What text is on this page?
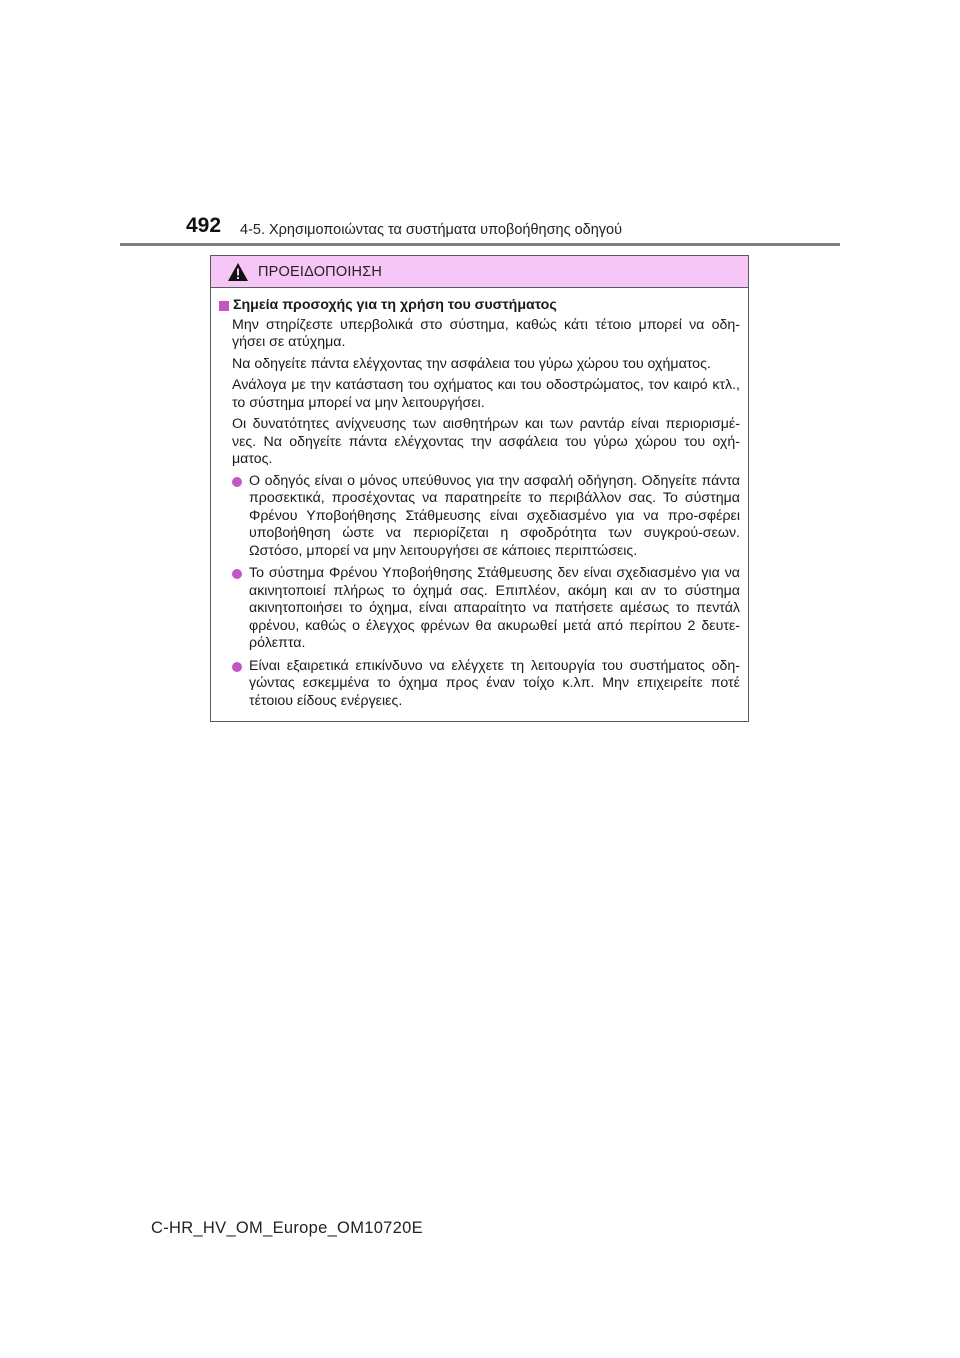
492 4-5. Χρησιμοποιώντας τα συστήματα υποβοήθησης οδηγού
ΠΡΟΕΙΔΟΠΟΙΗΣΗ
Σημεία προσοχής για τη χρήση του συστήματος

Μην στηρίζεστε υπερβολικά στο σύστημα, καθώς κάτι τέτοιο μπορεί να οδη-γήσει σε ατύχημα.

Να οδηγείτε πάντα ελέγχοντας την ασφάλεια του γύρω χώρου του οχήματος.

Ανάλογα με την κατάσταση του οχήματος και του οδοστρώματος, τον καιρό κτλ., το σύστημα μπορεί να μην λειτουργήσει.

Οι δυνατότητες ανίχνευσης των αισθητήρων και των ραντάρ είναι περιορισμέ-νες. Να οδηγείτε πάντα ελέγχοντας την ασφάλεια του γύρω χώρου του οχή-ματος.

Ο οδηγός είναι ο μόνος υπεύθυνος για την ασφαλή οδήγηση. Οδηγείτε πάντα προσεκτικά, προσέχοντας να παρατηρείτε το περιβάλλον σας. Το σύστημα Φρένου Υποβοήθησης Στάθμευσης είναι σχεδιασμένο για να προ-σφέρει υποβοήθηση ώστε να περιορίζεται η σφοδρότητα των συγκρού-σεων. Ωστόσο, μπορεί να μην λειτουργήσει σε κάποιες περιπτώσεις.
Το σύστημα Φρένου Υποβοήθησης Στάθμευσης δεν είναι σχεδιασμένο για να ακινητοποιεί πλήρως το όχημά σας. Επιπλέον, ακόμη και αν το σύστημα ακινητοποιήσει το όχημα, είναι απαραίτητο να πατήσετε αμέσως το πεντάλ φρένου, καθώς ο έλεγχος φρένων θα ακυρωθεί μετά από περίπου 2 δευτε-ρόλεπτα.
Είναι εξαιρετικά επικίνδυνο να ελέγχετε τη λειτουργία του συστήματος οδη-γώντας εσκεμμένα το όχημα προς έναν τοίχο κ.λπ. Μην επιχειρείτε ποτέ τέτοιου είδους ενέργειες.
C-HR_HV_OM_Europe_OM10720E
